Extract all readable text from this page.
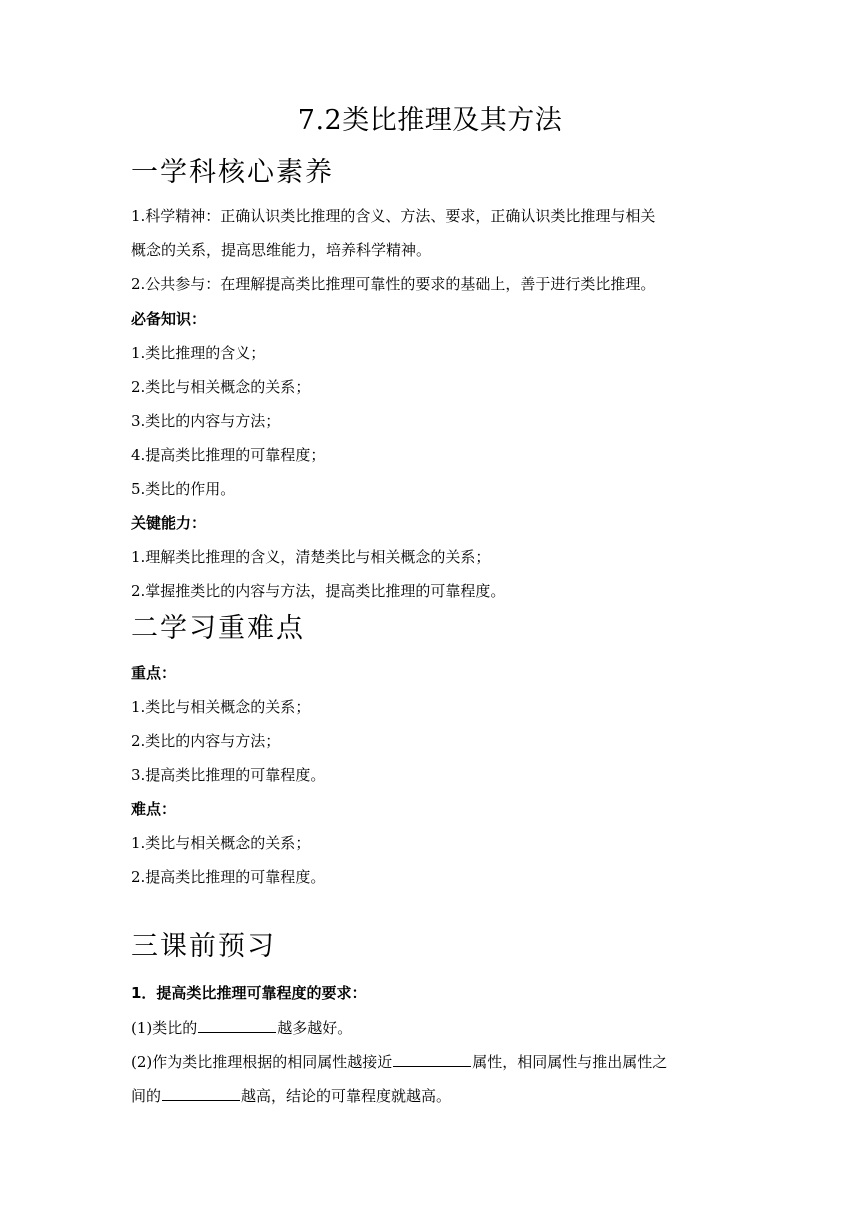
7.2类比推理及其方法
一学科核心素养
1.科学精神：正确认识类比推理的含义、方法、要求，正确认识类比推理与相关
概念的关系，提高思维能力，培养科学精神。
2.公共参与：在理解提高类比推理可靠性的要求的基础上，善于进行类比推理。
必备知识：
1.类比推理的含义；
2.类比与相关概念的关系；
3.类比的内容与方法；
4.提高类比推理的可靠程度；
5.类比的作用。
关键能力：
1.理解类比推理的含义，清楚类比与相关概念的关系；
2.掌握推类比的内容与方法，提高类比推理的可靠程度。
二学习重难点
重点：
1.类比与相关概念的关系；
2.类比的内容与方法；
3.提高类比推理的可靠程度。
难点：
1.类比与相关概念的关系；
2.提高类比推理的可靠程度。
三课前预习
1．提高类比推理可靠程度的要求：
(1)类比的	越多越好。
(2)作为类比推理根据的相同属性越接近	属性，相同属性与推出属性之
间的	越高，结论的可靠程度就越高。
